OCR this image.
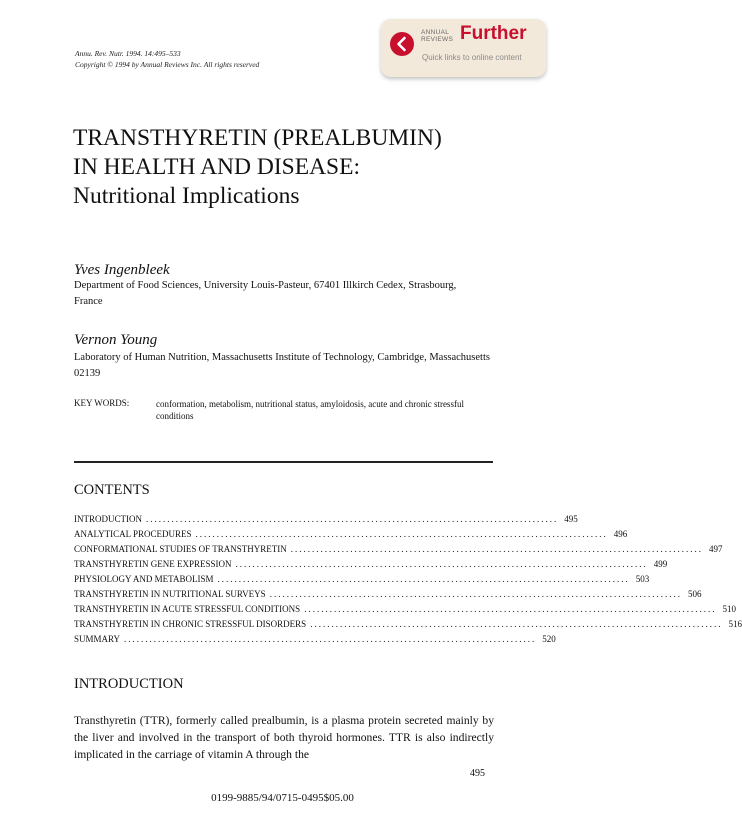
Annu. Rev. Nutr. 1994. 14:495–533
Copyright © 1994 by Annual Reviews Inc. All rights reserved
ANNUAL
REVIEWS Further
Quick links to online content
TRANSTHYRETIN (PREALBUMIN) IN HEALTH AND DISEASE: Nutritional Implications
Yves Ingenbleek
Department of Food Sciences, University Louis-Pasteur, 67401 Illkirch Cedex, Strasbourg, France
Vernon Young
Laboratory of Human Nutrition, Massachusetts Institute of Technology, Cambridge, Massachusetts 02139
KEY WORDS:	conformation, metabolism, nutritional status, amyloidosis, acute and chronic stressful conditions
CONTENTS
INTRODUCTION ................................................................................................. 495
ANALYTICAL PROCEDURES ................................................................................................. 496
CONFORMATIONAL STUDIES OF TRANSTHYRETIN ................................................................................................. 497
TRANSTHYRETIN GENE EXPRESSION ................................................................................................. 499
PHYSIOLOGY AND METABOLISM ................................................................................................. 503
TRANSTHYRETIN IN NUTRITIONAL SURVEYS ................................................................................................. 506
TRANSTHYRETIN IN ACUTE STRESSFUL CONDITIONS ................................................................................................. 510
TRANSTHYRETIN IN CHRONIC STRESSFUL DISORDERS ................................................................................................. 516
SUMMARY ................................................................................................. 520
INTRODUCTION
Transthyretin (TTR), formerly called prealbumin, is a plasma protein secreted mainly by the liver and involved in the transport of both thyroid hormones. TTR is also indirectly implicated in the carriage of vitamin A through the
495
0199-9885/94/0715-0495$05.00
